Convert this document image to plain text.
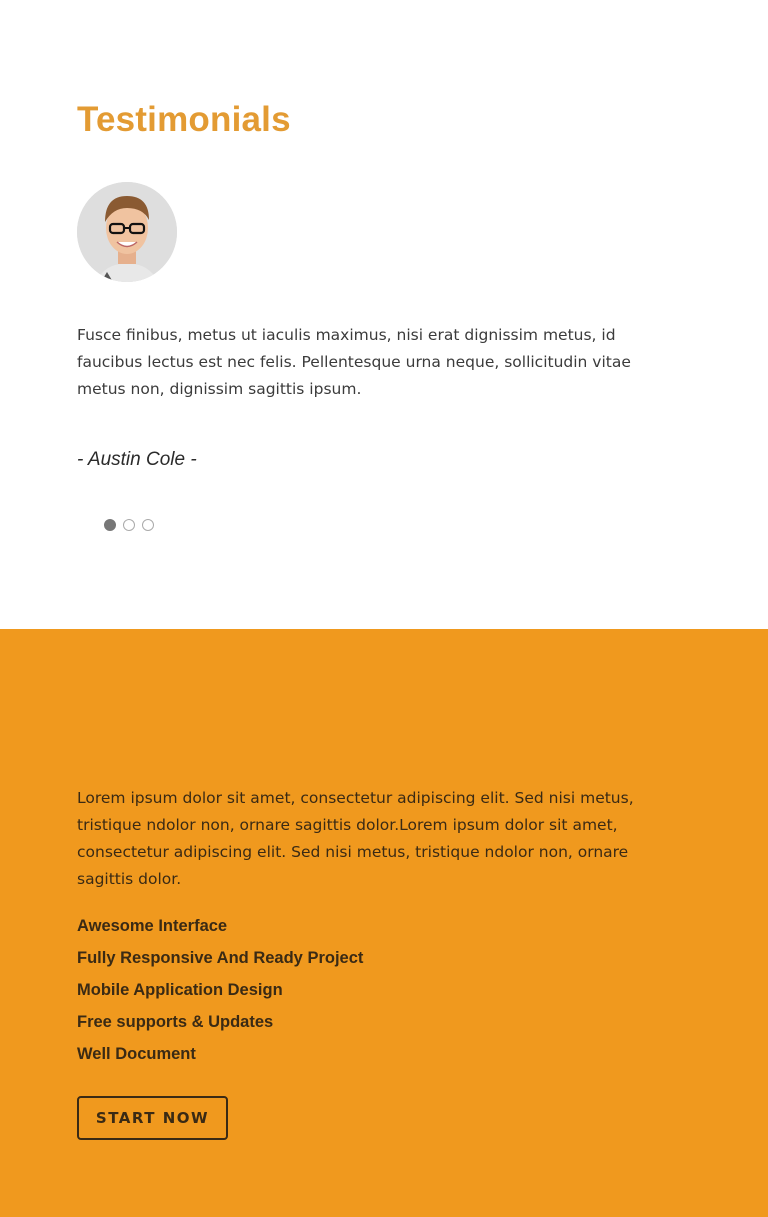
Testimonials

Fusce finibus, metus ut iaculis maximus, nisi erat dignissim metus, id faucibus lectus est nec felis. Pellentesque urna neque, sollicitudin vitae metus non, dignissim sagittis ipsum.

- Austin Cole -

Lorem ipsum dolor sit amet, consectetur adipiscing elit. Sed nisi metus, tristique ndolor non, ornare sagittis dolor.Lorem ipsum dolor sit amet, consectetur adipiscing elit. Sed nisi metus, tristique ndolor non, ornare sagittis dolor.

Awesome Interface
Fully Responsive And Ready Project
Mobile Application Design
Free supports & Updates
Well Document
START NOW
